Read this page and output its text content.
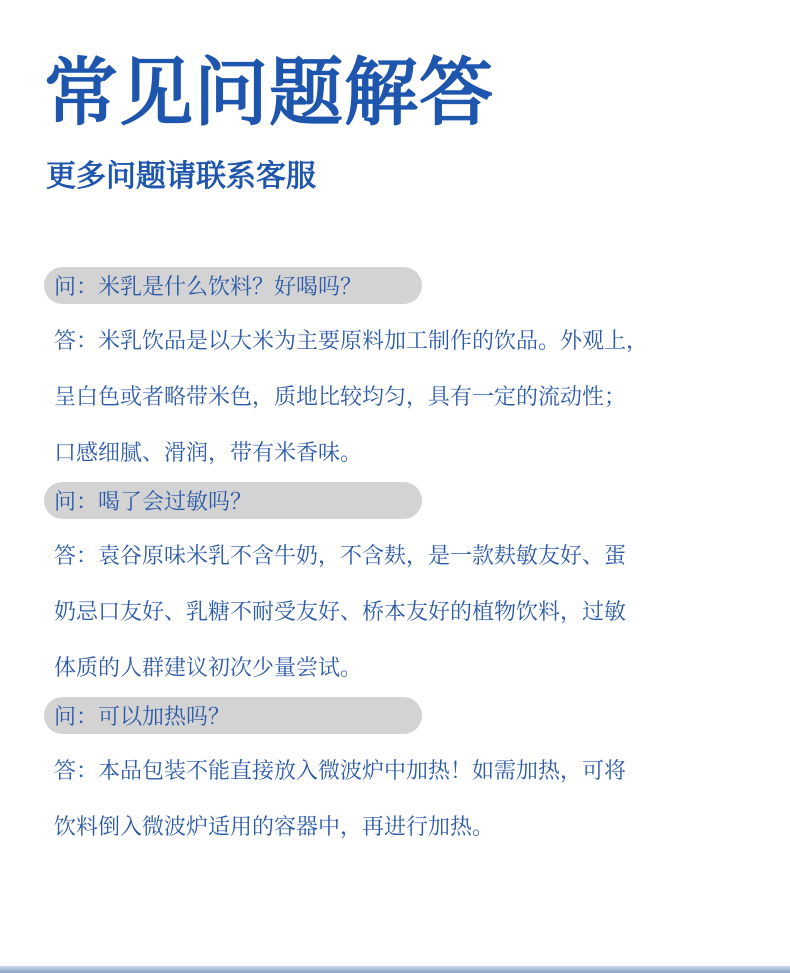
常见问题解答
更多问题请联系客服
问：米乳是什么饮料？好喝吗？
答：米乳饮品是以大米为主要原料加工制作的饮品。外观上，
呈白色或者略带米色，质地比较均匀，具有一定的流动性；
口感细腻、滑润，带有米香味。
问：喝了会过敏吗？
答：袁谷原味米乳不含牛奶，不含麸，是一款麸敏友好、蛋
奶忌口友好、乳糖不耐受友好、桥本友好的植物饮料，过敏
体质的人群建议初次少量尝试。
问：可以加热吗？
答：本品包装不能直接放入微波炉中加热！如需加热，可将
饮料倒入微波炉适用的容器中，再进行加热。
